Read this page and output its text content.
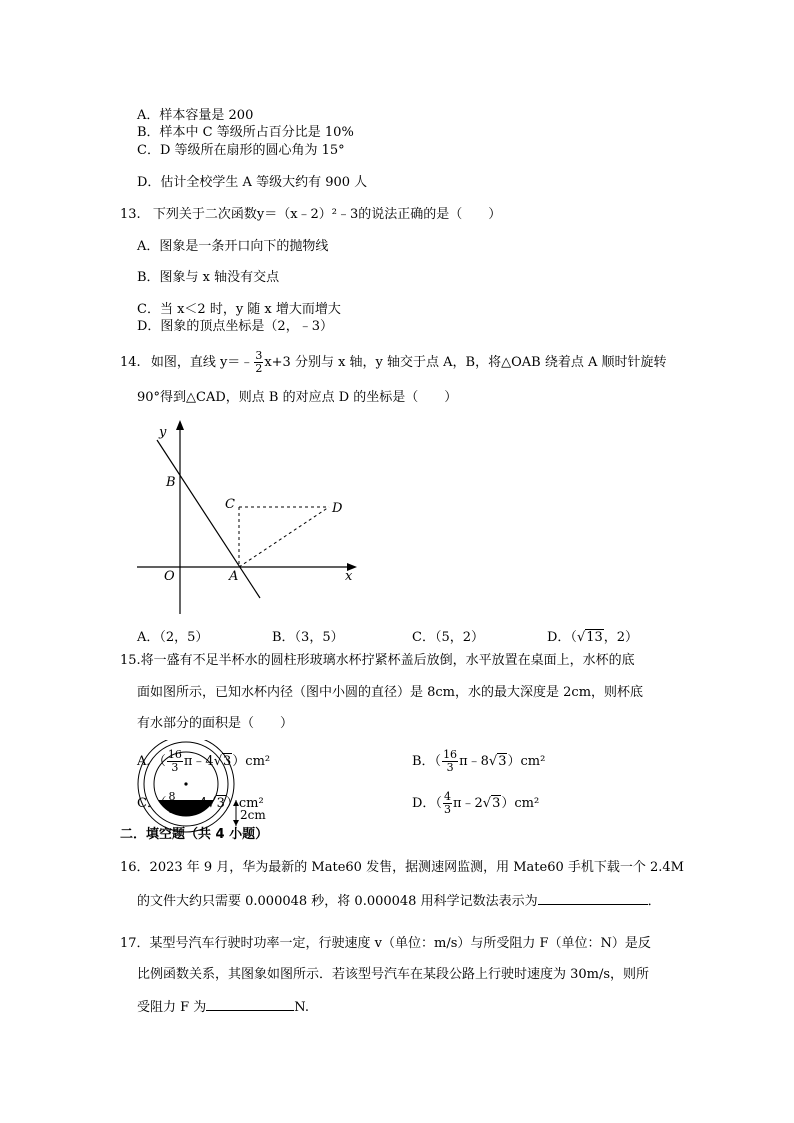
A．样本容量是 200
B．样本中 C 等级所占百分比是 10%
C．D 等级所在扇形的圆心角为 15°
D．估计全校学生 A 等级大约有 900 人
13. 下列关于二次函数y＝（x﹣2）²﹣3的说法正确的是（　　）
A．图象是一条开口向下的抛物线
B．图象与 x 轴没有交点
C．当 x＜2 时，y 随 x 增大而增大
D．图象的顶点坐标是（2，﹣3）
14. 如图，直线 y＝﹣ $\frac{3}{2} x+3$ 分别与 x 轴，y 轴交于点 A，B，将△OAB 绕着点 A 顺时针旋转
90°得到△CAD，则点 B 的对应点 D 的坐标是（　　）
y
x
O	A
B
C	D
A．（2，5）	B．（3，5）	C．（5，2）	D．（√13，2）
15.将一盛有不足半杯水的圆柱形玻璃水杯拧紧杯盖后放倒，水平放置在桌面上，水杯的底
面如图所示，已知水杯内径（图中小圆的直径）是 8cm，水的最大深度是 2cm，则杯底
有水部分的面积是（　　）
2cm
A．（ $\frac{16}{3}$ π﹣4√3）cm²	B．（ $\frac{16}{3}$ π﹣8√3）cm²
C．（ $\frac{8}{3}$ π﹣4√3）cm²	D．（ $\frac{4}{3}$ π﹣2√3）cm²
二．填空题（共 4 小题）
16．2023 年 9 月，华为最新的 Mate60 发售，据测速网监测，用 Mate60 手机下载一个 2.4M
的文件大约只需要 0.000048 秒，将 0.000048 用科学记数法表示为	．
17．某型号汽车行驶时功率一定，行驶速度 v（单位：m/s）与所受阻力 F（单位：N）是反
比例函数关系，其图象如图所示．若该型号汽车在某段公路上行驶时速度为 30m/s，则所
受阻力 F 为	N.
